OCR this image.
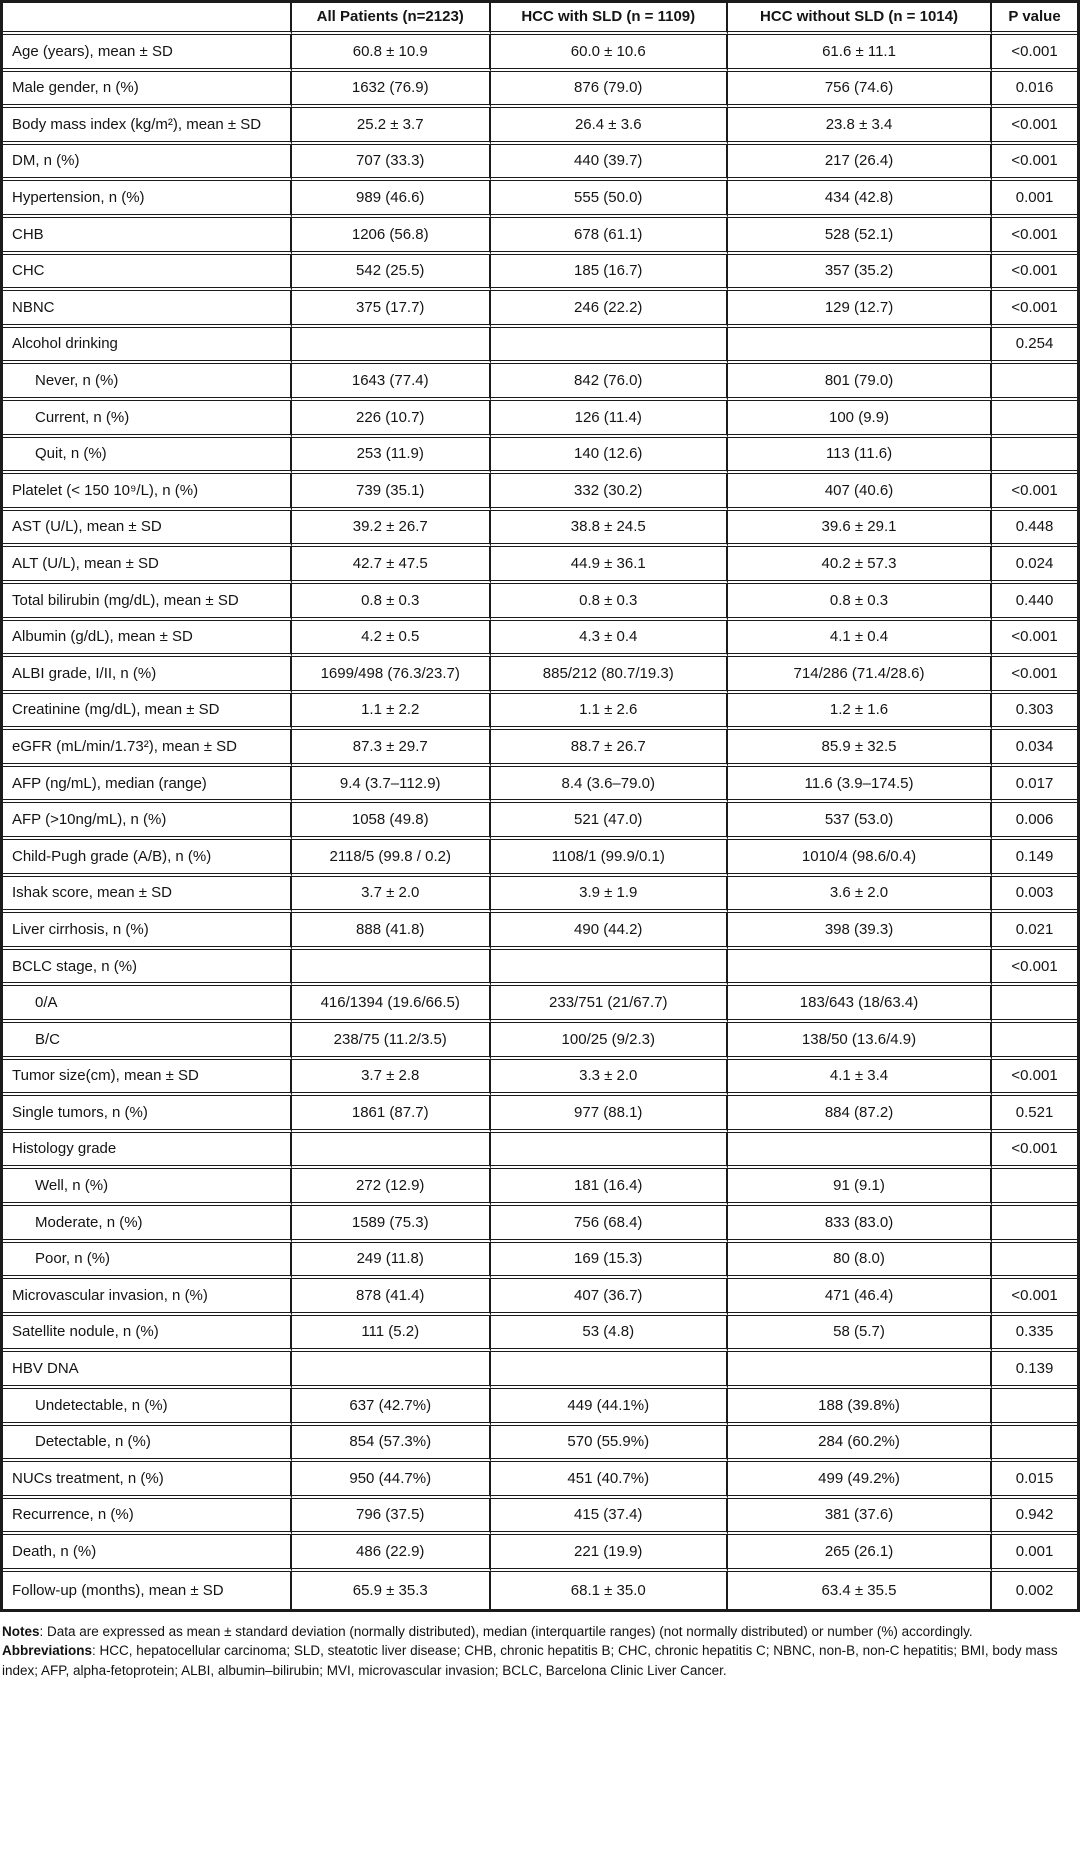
	All Patients (n=2123)	HCC with SLD (n = 1109)	HCC without SLD (n = 1014)	P value
Age (years), mean ± SD	60.8 ± 10.9	60.0 ± 10.6	61.6 ± 11.1	<0.001
Male gender, n (%)	1632 (76.9)	876 (79.0)	756 (74.6)	0.016
Body mass index (kg/m²), mean ± SD	25.2 ± 3.7	26.4 ± 3.6	23.8 ± 3.4	<0.001
DM, n (%)	707 (33.3)	440 (39.7)	217 (26.4)	<0.001
Hypertension, n (%)	989 (46.6)	555 (50.0)	434 (42.8)	0.001
CHB	1206 (56.8)	678 (61.1)	528 (52.1)	<0.001
CHC	542 (25.5)	185 (16.7)	357 (35.2)	<0.001
NBNC	375 (17.7)	246 (22.2)	129 (12.7)	<0.001
Alcohol drinking				0.254
Never, n (%)	1643 (77.4)	842 (76.0)	801 (79.0)	
Current, n (%)	226 (10.7)	126 (11.4)	100 (9.9)	
Quit, n (%)	253 (11.9)	140 (12.6)	113 (11.6)	
Platelet (< 150 10⁹/L), n (%)	739 (35.1)	332 (30.2)	407 (40.6)	<0.001
AST (U/L), mean ± SD	39.2 ± 26.7	38.8 ± 24.5	39.6 ± 29.1	0.448
ALT (U/L), mean ± SD	42.7 ± 47.5	44.9 ± 36.1	40.2 ± 57.3	0.024
Total bilirubin (mg/dL), mean ± SD	0.8 ± 0.3	0.8 ± 0.3	0.8 ± 0.3	0.440
Albumin (g/dL), mean ± SD	4.2 ± 0.5	4.3 ± 0.4	4.1 ± 0.4	<0.001
ALBI grade, I/II, n (%)	1699/498 (76.3/23.7)	885/212 (80.7/19.3)	714/286 (71.4/28.6)	<0.001
Creatinine (mg/dL), mean ± SD	1.1 ± 2.2	1.1 ± 2.6	1.2 ± 1.6	0.303
eGFR (mL/min/1.73²), mean ± SD	87.3 ± 29.7	88.7 ± 26.7	85.9 ± 32.5	0.034
AFP (ng/mL), median (range)	9.4 (3.7–112.9)	8.4 (3.6–79.0)	11.6 (3.9–174.5)	0.017
AFP (>10ng/mL), n (%)	1058 (49.8)	521 (47.0)	537 (53.0)	0.006
Child-Pugh grade (A/B), n (%)	2118/5 (99.8 / 0.2)	1108/1 (99.9/0.1)	1010/4 (98.6/0.4)	0.149
Ishak score, mean ± SD	3.7 ± 2.0	3.9 ± 1.9	3.6 ± 2.0	0.003
Liver cirrhosis, n (%)	888 (41.8)	490 (44.2)	398 (39.3)	0.021
BCLC stage, n (%)				<0.001
0/A	416/1394 (19.6/66.5)	233/751 (21/67.7)	183/643 (18/63.4)	
B/C	238/75 (11.2/3.5)	100/25 (9/2.3)	138/50 (13.6/4.9)	
Tumor size(cm), mean ± SD	3.7 ± 2.8	3.3 ± 2.0	4.1 ± 3.4	<0.001
Single tumors, n (%)	1861 (87.7)	977 (88.1)	884 (87.2)	0.521
Histology grade				<0.001
Well, n (%)	272 (12.9)	181 (16.4)	91 (9.1)	
Moderate, n (%)	1589 (75.3)	756 (68.4)	833 (83.0)	
Poor, n (%)	249 (11.8)	169 (15.3)	80 (8.0)	
Microvascular invasion, n (%)	878 (41.4)	407 (36.7)	471 (46.4)	<0.001
Satellite nodule, n (%)	111 (5.2)	53 (4.8)	58 (5.7)	0.335
HBV DNA				0.139
Undetectable, n (%)	637 (42.7%)	449 (44.1%)	188 (39.8%)	
Detectable, n (%)	854 (57.3%)	570 (55.9%)	284 (60.2%)	
NUCs treatment, n (%)	950 (44.7%)	451 (40.7%)	499 (49.2%)	0.015
Recurrence, n (%)	796 (37.5)	415 (37.4)	381 (37.6)	0.942
Death, n (%)	486 (22.9)	221 (19.9)	265 (26.1)	0.001
Follow-up (months), mean ± SD	65.9 ± 35.3	68.1 ± 35.0	63.4 ± 35.5	0.002

Notes: Data are expressed as mean ± standard deviation (normally distributed), median (interquartile ranges) (not normally distributed) or number (%) accordingly.

Abbreviations: HCC, hepatocellular carcinoma; SLD, steatotic liver disease; CHB, chronic hepatitis B; CHC, chronic hepatitis C; NBNC, non-B, non-C hepatitis; BMI, body mass index; AFP, alpha-fetoprotein; ALBI, albumin–bilirubin; MVI, microvascular invasion; BCLC, Barcelona Clinic Liver Cancer.
